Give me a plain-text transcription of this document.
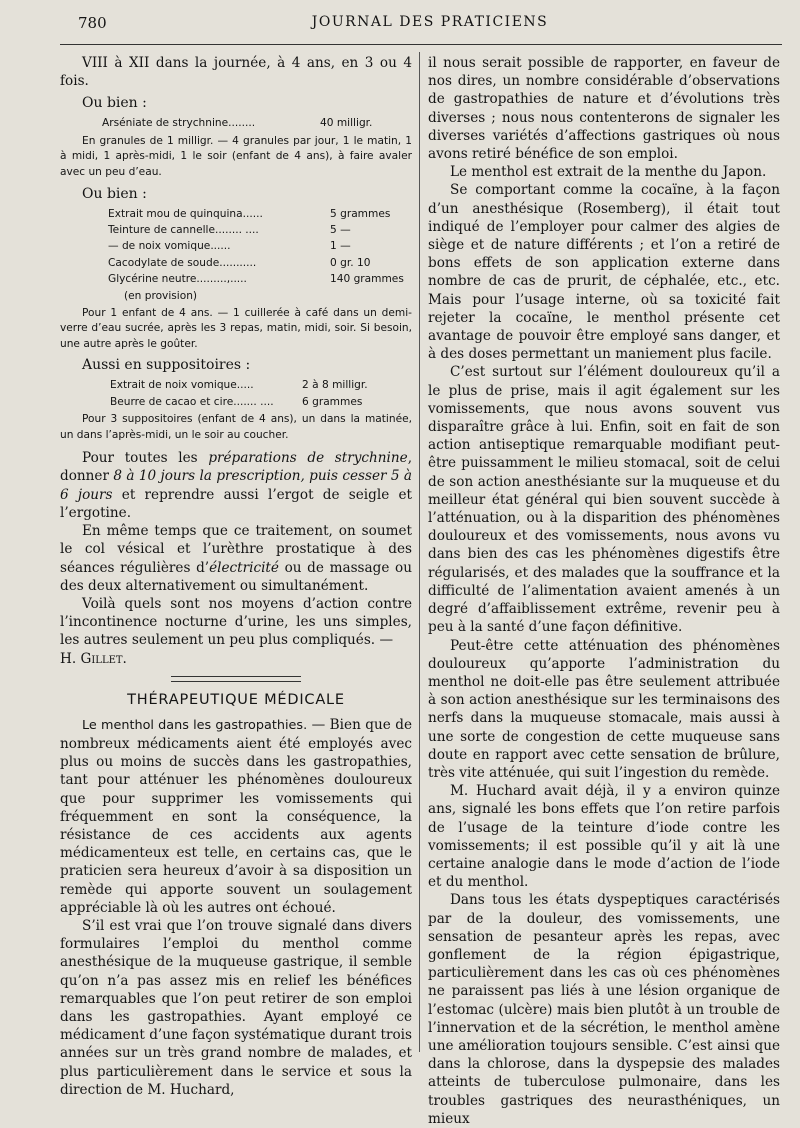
780	JOURNAL DES PRATICIENS

VIII à XII dans la journée, à 4 ans, en 3 ou 4 fois.

Ou bien :
Arséniate de strychnine........	40 milligr.

En granules de 1 milligr. — 4 granules par jour, 1 le matin, 1 à midi, 1 après-midi, 1 le soir (enfant de 4 ans), à faire avaler avec un peu d’eau.

Ou bien :
Extrait mou de quinquina......	5 grammes
Teinture de cannelle........ ....	5 —
— de noix vomique......	1 —
Cacodylate de soude...........	0 gr. 10
Glycérine neutre.........,.....	140 grammes
(en provision)

Pour 1 enfant de 4 ans. — 1 cuillerée à café dans un demi-verre d’eau sucrée, après les 3 repas, matin, midi, soir. Si besoin, une autre après le goûter.

Aussi en suppositoires :
Extrait de noix vomique.....	2 à 8 milligr.
Beurre de cacao et cire....... ....	6 grammes

Pour 3 suppositoires (enfant de 4 ans), un dans la matinée, un dans l’après-midi, un le soir au coucher.

Pour toutes les préparations de strychnine, donner 8 à 10 jours la prescription, puis cesser 5 à 6 jours et reprendre aussi l’ergot de seigle et l’ergotine.

En même temps que ce traitement, on soumet le col vésical et l’urèthre prostatique à des séances régulières d’électricité ou de massage ou des deux alternativement ou simultanément.

Voilà quels sont nos moyens d’action contre l’incontinence nocturne d’urine, les uns simples, les autres seulement un peu plus compliqués. —

H. Gillet.

THÉRAPEUTIQUE MÉDICALE

Le menthol dans les gastropathies. — Bien que de nombreux médicaments aient été employés avec plus ou moins de succès dans les gastropathies, tant pour atténuer les phénomènes douloureux que pour supprimer les vomissements qui fréquemment en sont la conséquence, la résistance de ces accidents aux agents médicamenteux est telle, en certains cas, que le praticien sera heureux d’avoir à sa disposition un remède qui apporte souvent un soulagement appréciable là où les autres ont échoué.

S’il est vrai que l’on trouve signalé dans divers formulaires l’emploi du menthol comme anesthésique de la muqueuse gastrique, il semble qu’on n’a pas assez mis en relief les bénéfices remarquables que l’on peut retirer de son emploi dans les gastropathies. Ayant employé ce médicament d’une façon systématique durant trois années sur un très grand nombre de malades, et plus particulièrement dans le service et sous la direction de M. Huchard,

il nous serait possible de rapporter, en faveur de nos dires, un nombre considérable d’observations de gastropathies de nature et d’évolutions très diverses ; nous nous contenterons de signaler les diverses variétés d’affections gastriques où nous avons retiré bénéfice de son emploi.

Le menthol est extrait de la menthe du Japon.

Se comportant comme la cocaïne, à la façon d’un anesthésique (Rosemberg), il était tout indiqué de l’employer pour calmer des algies de siège et de nature différents ; et l’on a retiré de bons effets de son application externe dans nombre de cas de prurit, de céphalée, etc., etc. Mais pour l’usage interne, où sa toxicité fait rejeter la cocaïne, le menthol présente cet avantage de pouvoir être employé sans danger, et à des doses permettant un maniement plus facile.

C’est surtout sur l’élément douloureux qu’il a le plus de prise, mais il agit également sur les vomissements, que nous avons souvent vus disparaître grâce à lui. Enfin, soit en fait de son action antiseptique remarquable modifiant peut-être puissamment le milieu stomacal, soit de celui de son action anesthésiante sur la muqueuse et du meilleur état général qui bien souvent succède à l’atténuation, ou à la disparition des phénomènes douloureux et des vomissements, nous avons vu dans bien des cas les phénomènes digestifs être régularisés, et des malades que la souffrance et la difficulté de l’alimentation avaient amenés à un degré d’affaiblissement extrême, revenir peu à peu à la santé d’une façon définitive.

Peut-être cette atténuation des phénomènes douloureux qu’apporte l’administration du menthol ne doit-elle pas être seulement attribuée à son action anesthésique sur les terminaisons des nerfs dans la muqueuse stomacale, mais aussi à une sorte de congestion de cette muqueuse sans doute en rapport avec cette sensation de brûlure, très vite atténuée, qui suit l’ingestion du remède.

M. Huchard avait déjà, il y a environ quinze ans, signalé les bons effets que l’on retire parfois de l’usage de la teinture d’iode contre les vomissements; il est possible qu’il y ait là une certaine analogie dans le mode d’action de l’iode et du menthol.

Dans tous les états dyspeptiques caractérisés par de la douleur, des vomissements, une sensation de pesanteur après les repas, avec gonflement de la région épigastrique, particulièrement dans les cas où ces phénomènes ne paraissent pas liés à une lésion organique de l’estomac (ulcère) mais bien plutôt à un trouble de l’innervation et de la sécrétion, le menthol amène une amélioration toujours sensible. C’est ainsi que dans la chlorose, dans la dyspepsie des malades atteints de tuberculose pulmonaire, dans les troubles gastriques des neurasthéniques, un mieux
